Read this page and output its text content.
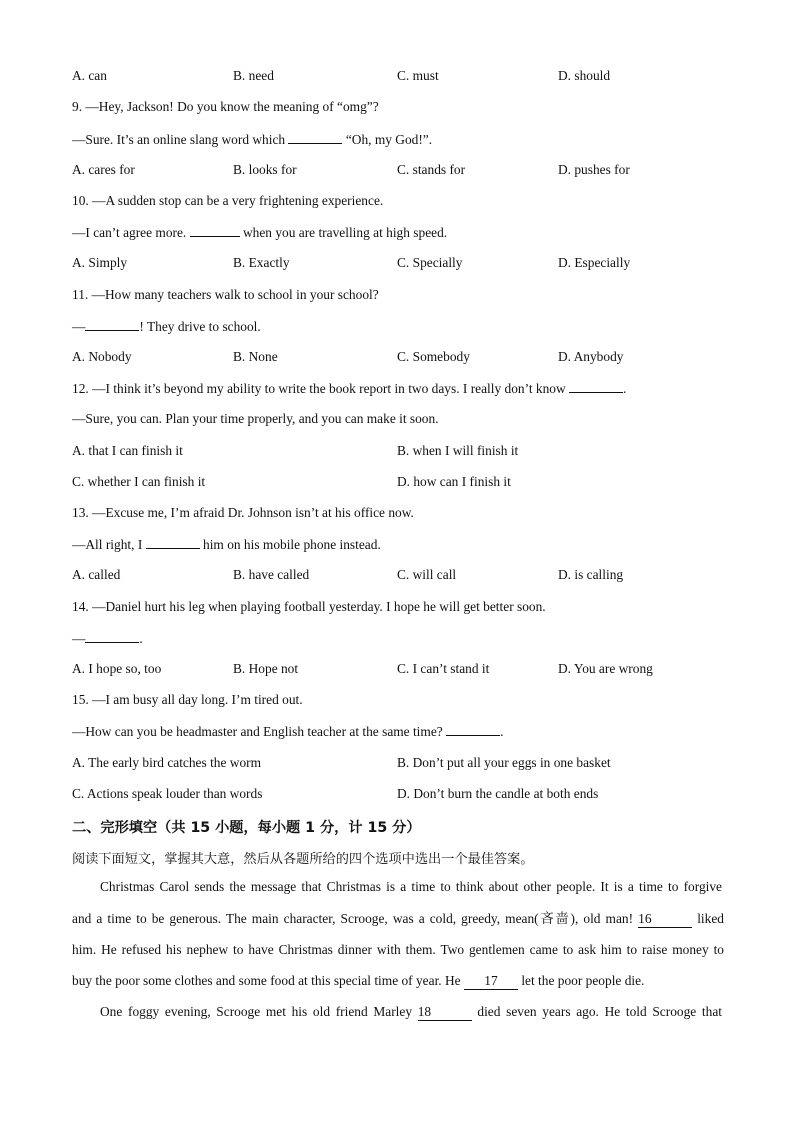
A. can	B. need	C. must	D. should
9. —Hey, Jackson! Do you know the meaning of “omg”?
—Sure. It’s an online slang word which	“Oh, my God!”.
A. cares for	B. looks for	C. stands for	D. pushes for
10. —A sudden stop can be a very frightening experience.
—I can’t agree more.	when you are travelling at high speed.
A. Simply	B. Exactly	C. Specially	D. Especially
11. —How many teachers walk to school in your school?
—	! They drive to school.
A. Nobody	B. None	C. Somebody	D. Anybody
12. —I think it’s beyond my ability to write the book report in two days. I really don’t know	.
—Sure, you can. Plan your time properly, and you can make it soon.
A. that I can finish it	B. when I will finish it
C. whether I can finish it	D. how can I finish it
13. —Excuse me, I’m afraid Dr. Johnson isn’t at his office now.
—All right, I	him on his mobile phone instead.
A. called	B. have called	C. will call	D. is calling
14. —Daniel hurt his leg when playing football yesterday. I hope he will get better soon.
—	.
A. I hope so, too	B. Hope not	C. I can’t stand it	D. You are wrong
15. —I am busy all day long. I’m tired out.
—How can you be headmaster and English teacher at the same time?	.
A. The early bird catches the worm	B. Don’t put all your eggs in one basket
C. Actions speak louder than words	D. Don’t burn the candle at both ends
二、完形填空（共 15 小题，每小题 1 分，计 15 分）
阅读下面短文，掌握其大意，然后从各题所给的四个选项中选出一个最佳答案。
Christmas Carol sends the message that Christmas is a time to think about other people. It is a time to forgive
and a time to be generous. The main character, Scrooge, was a cold, greedy, mean(吝啬), old man! 16	liked
him. He refused his nephew to have Christmas dinner with them. Two gentlemen came to ask him to raise money to
buy the poor some clothes and some food at this special time of year. He 17 let the poor people die.
One foggy evening, Scrooge met his old friend Marley 18	died seven years ago. He told Scrooge that
